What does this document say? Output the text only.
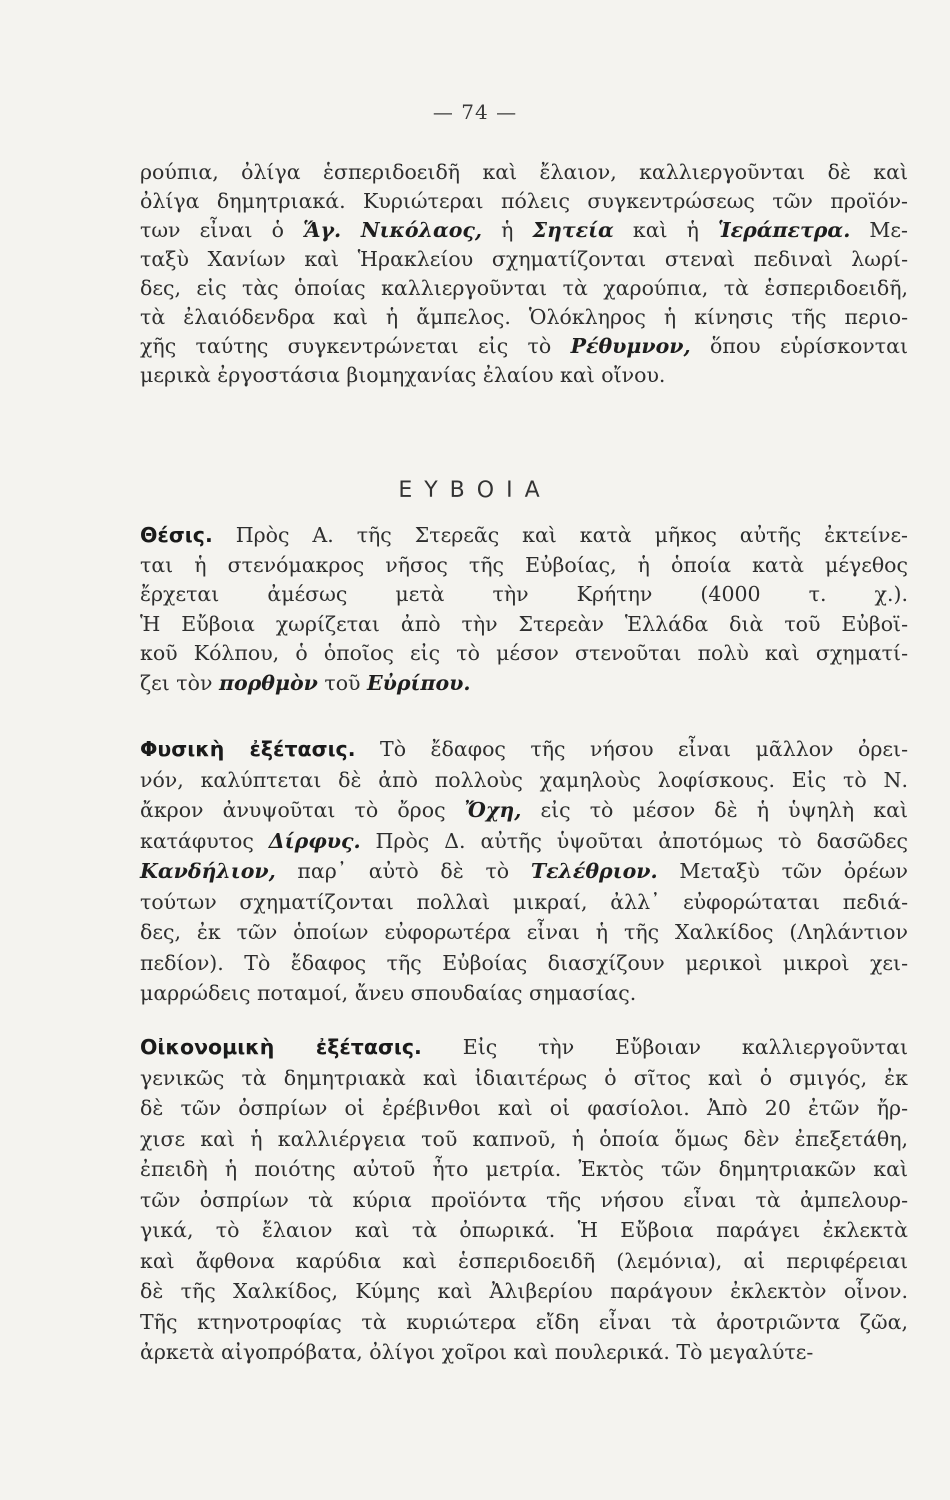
— 74 —
ρούπια, ὀλίγα ἑσπεριδοειδῆ καὶ ἔλαιον, καλλιεργοῦνται δὲ καὶ
ὀλίγα δημητριακά. Κυριώτεραι πόλεις συγκεντρώσεως τῶν προϊόν-
των εἶναι ὁ Ἅγ. Νικόλαος, ἡ Σητεία καὶ ἡ Ἱεράπετρα. Με-
ταξὺ Χανίων καὶ Ἡρακλείου σχηματίζονται στεναὶ πεδιναὶ λωρί-
δες, εἰς τὰς ὁποίας καλλιεργοῦνται τὰ χαρούπια, τὰ ἑσπεριδοειδῆ,
τὰ ἐλαιόδενδρα καὶ ἡ ἄμπελος. Ὁλόκληρος ἡ κίνησις τῆς περιο-
χῆς ταύτης συγκεντρώνεται εἰς τὸ Ρέθυμνον, ὅπου εὑρίσκονται
μερικὰ ἐργοστάσια βιομηχανίας ἐλαίου καὶ οἴνου.
ΕΥΒΟΙΑ
Θέσις. Πρὸς Α. τῆς Στερεᾶς καὶ κατὰ μῆκος αὐτῆς ἐκτείνε-
ται ἡ στενόμακρος νῆσος τῆς Εὐβοίας, ἡ ὁποία κατὰ μέγεθος
ἔρχεται ἀμέσως μετὰ τὴν Κρήτην (4000 τ. χ.).
Ἡ Εὔβοια χωρίζεται ἀπὸ τὴν Στερεὰν Ἑλλάδα διὰ τοῦ Εὐβοϊ-
κοῦ Κόλπου, ὁ ὁποῖος εἰς τὸ μέσον στενοῦται πολὺ καὶ σχηματί-
ζει τὸν πορθμὸν τοῦ Εὐρίπου.
Φυσικὴ ἐξέτασις. Τὸ ἔδαφος τῆς νήσου εἶναι μᾶλλον ὀρει-
νόν, καλύπτεται δὲ ἀπὸ πολλοὺς χαμηλοὺς λοφίσκους. Εἰς τὸ Ν.
ἄκρον ἀνυψοῦται τὸ ὄρος Ὄχη, εἰς τὸ μέσον δὲ ἡ ὑψηλὴ καὶ
κατάφυτος Δίρφυς. Πρὸς Δ. αὐτῆς ὑψοῦται ἀποτόμως τὸ δασῶδες
Κανδήλιον, παρ᾿ αὐτὸ δὲ τὸ Τελέθριον. Μεταξὺ τῶν ὀρέων
τούτων σχηματίζονται πολλαὶ μικραί, ἀλλ᾿ εὐφορώταται πεδιά-
δες, ἐκ τῶν ὁποίων εὐφορωτέρα εἶναι ἡ τῆς Χαλκίδος (Ληλάντιον
πεδίον). Τὸ ἔδαφος τῆς Εὐβοίας διασχίζουν μερικοὶ μικροὶ χει-
μαρρώδεις ποταμοί, ἄνευ σπουδαίας σημασίας.
Οἰκονομικὴ ἐξέτασις. Εἰς τὴν Εὔβοιαν καλλιεργοῦνται
γενικῶς τὰ δημητριακὰ καὶ ἰδιαιτέρως ὁ σῖτος καὶ ὁ σμιγός, ἐκ
δὲ τῶν ὀσπρίων οἱ ἐρέβινθοι καὶ οἱ φασίολοι. Ἀπὸ 20 ἐτῶν ἤρ-
χισε καὶ ἡ καλλιέργεια τοῦ καπνοῦ, ἡ ὁποία ὅμως δὲν ἐπεξετάθη,
ἐπειδὴ ἡ ποιότης αὐτοῦ ἦτο μετρία. Ἐκτὸς τῶν δημητριακῶν καὶ
τῶν ὀσπρίων τὰ κύρια προϊόντα τῆς νήσου εἶναι τὰ ἀμπελουρ-
γικά, τὸ ἔλαιον καὶ τὰ ὀπωρικά. Ἡ Εὔβοια παράγει ἐκλεκτὰ
καὶ ἄφθονα καρύδια καὶ ἑσπεριδοειδῆ (λεμόνια), αἱ περιφέρειαι
δὲ τῆς Χαλκίδος, Κύμης καὶ Ἀλιβερίου παράγουν ἐκλεκτὸν οἶνον.
Τῆς κτηνοτροφίας τὰ κυριώτερα εἴδη εἶναι τὰ ἀροτριῶντα ζῶα,
ἀρκετὰ αἰγοπρόβατα, ὀλίγοι χοῖροι καὶ πουλερικά. Τὸ μεγαλύτε-
